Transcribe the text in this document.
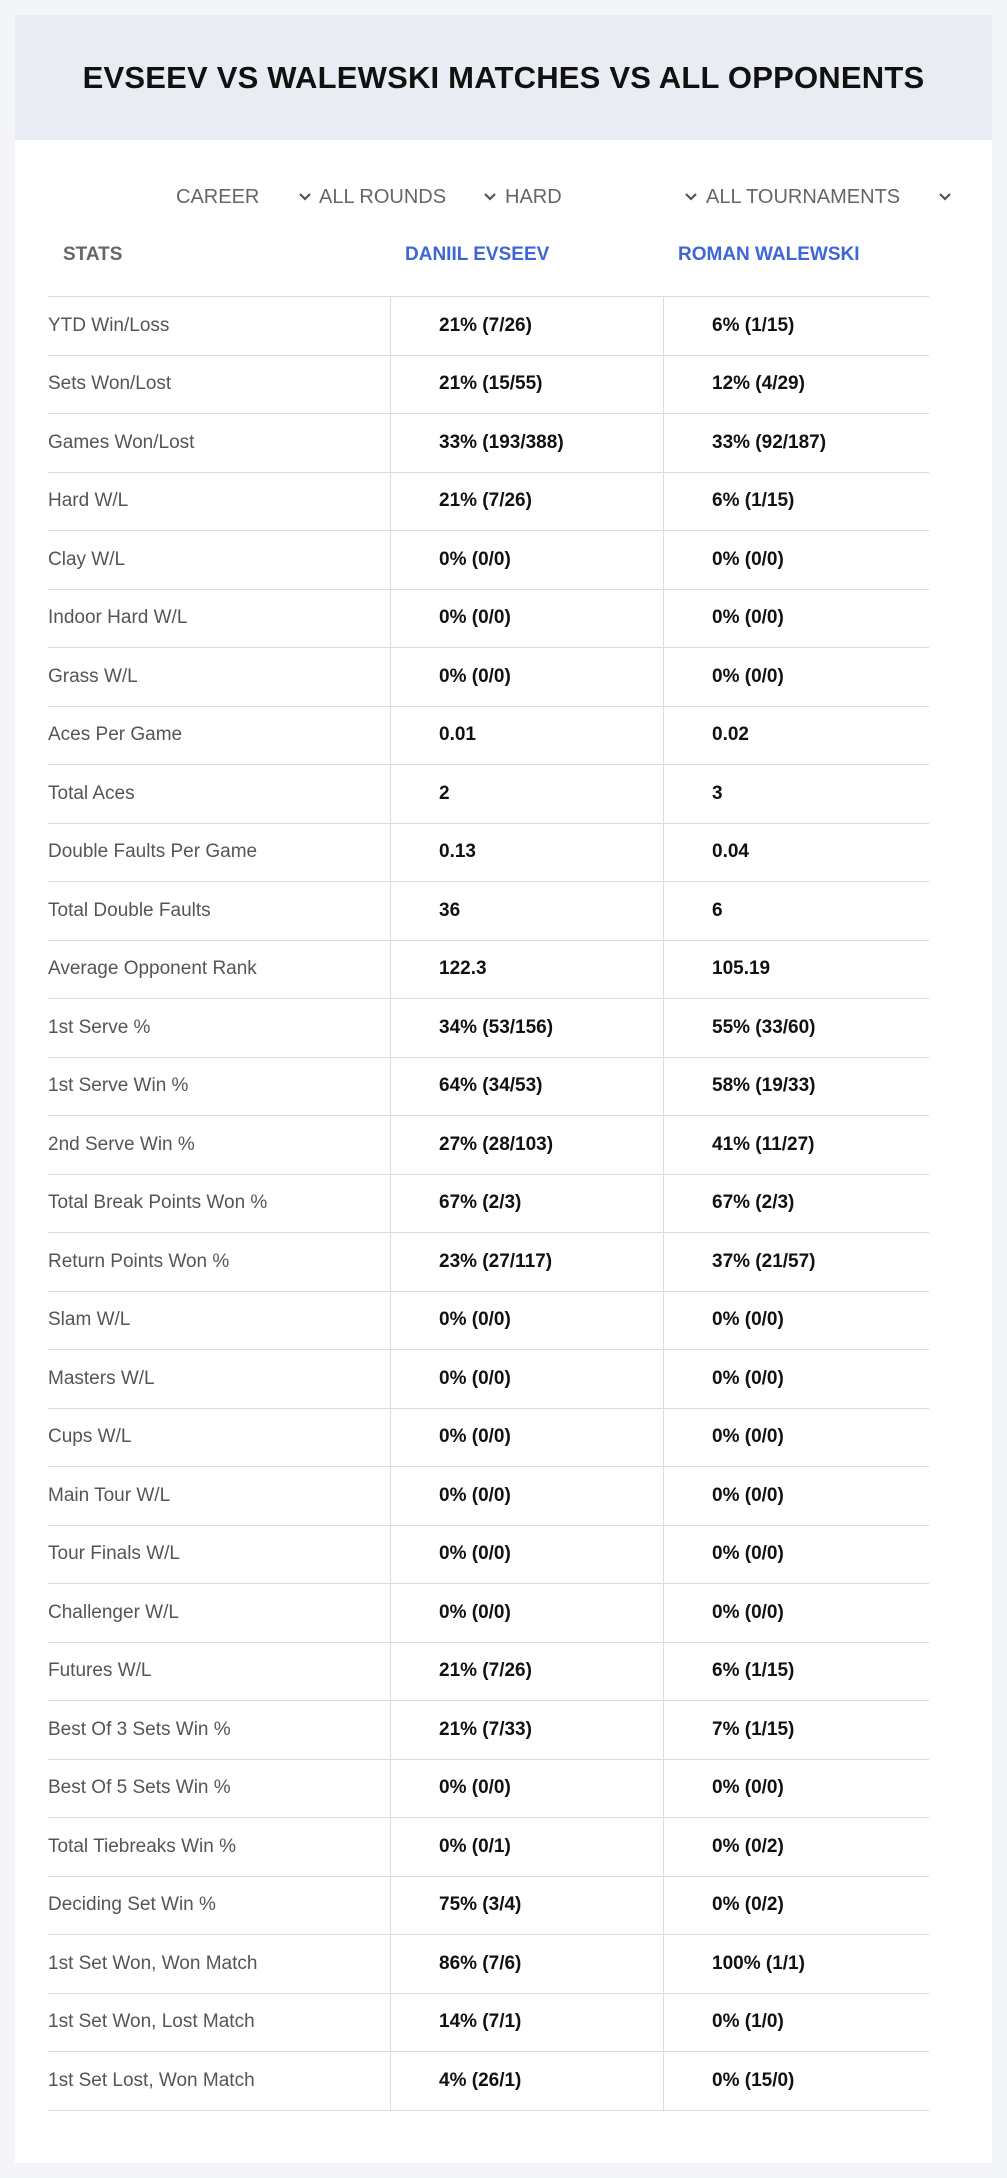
EVSEEV VS WALEWSKI MATCHES VS ALL OPPONENTS
CAREER	ALL ROUNDS	HARD	ALL TOURNAMENTS
STATS	DANIIL EVSEEV	ROMAN WALEWSKI
YTD Win/Loss	21% (7/26)	6% (1/15)
Sets Won/Lost	21% (15/55)	12% (4/29)
Games Won/Lost	33% (193/388)	33% (92/187)
Hard W/L	21% (7/26)	6% (1/15)
Clay W/L	0% (0/0)	0% (0/0)
Indoor Hard W/L	0% (0/0)	0% (0/0)
Grass W/L	0% (0/0)	0% (0/0)
Aces Per Game	0.01	0.02
Total Aces	2	3
Double Faults Per Game	0.13	0.04
Total Double Faults	36	6
Average Opponent Rank	122.3	105.19
1st Serve %	34% (53/156)	55% (33/60)
1st Serve Win %	64% (34/53)	58% (19/33)
2nd Serve Win %	27% (28/103)	41% (11/27)
Total Break Points Won %	67% (2/3)	67% (2/3)
Return Points Won %	23% (27/117)	37% (21/57)
Slam W/L	0% (0/0)	0% (0/0)
Masters W/L	0% (0/0)	0% (0/0)
Cups W/L	0% (0/0)	0% (0/0)
Main Tour W/L	0% (0/0)	0% (0/0)
Tour Finals W/L	0% (0/0)	0% (0/0)
Challenger W/L	0% (0/0)	0% (0/0)
Futures W/L	21% (7/26)	6% (1/15)
Best Of 3 Sets Win %	21% (7/33)	7% (1/15)
Best Of 5 Sets Win %	0% (0/0)	0% (0/0)
Total Tiebreaks Win %	0% (0/1)	0% (0/2)
Deciding Set Win %	75% (3/4)	0% (0/2)
1st Set Won, Won Match	86% (7/6)	100% (1/1)
1st Set Won, Lost Match	14% (7/1)	0% (1/0)
1st Set Lost, Won Match	4% (26/1)	0% (15/0)
